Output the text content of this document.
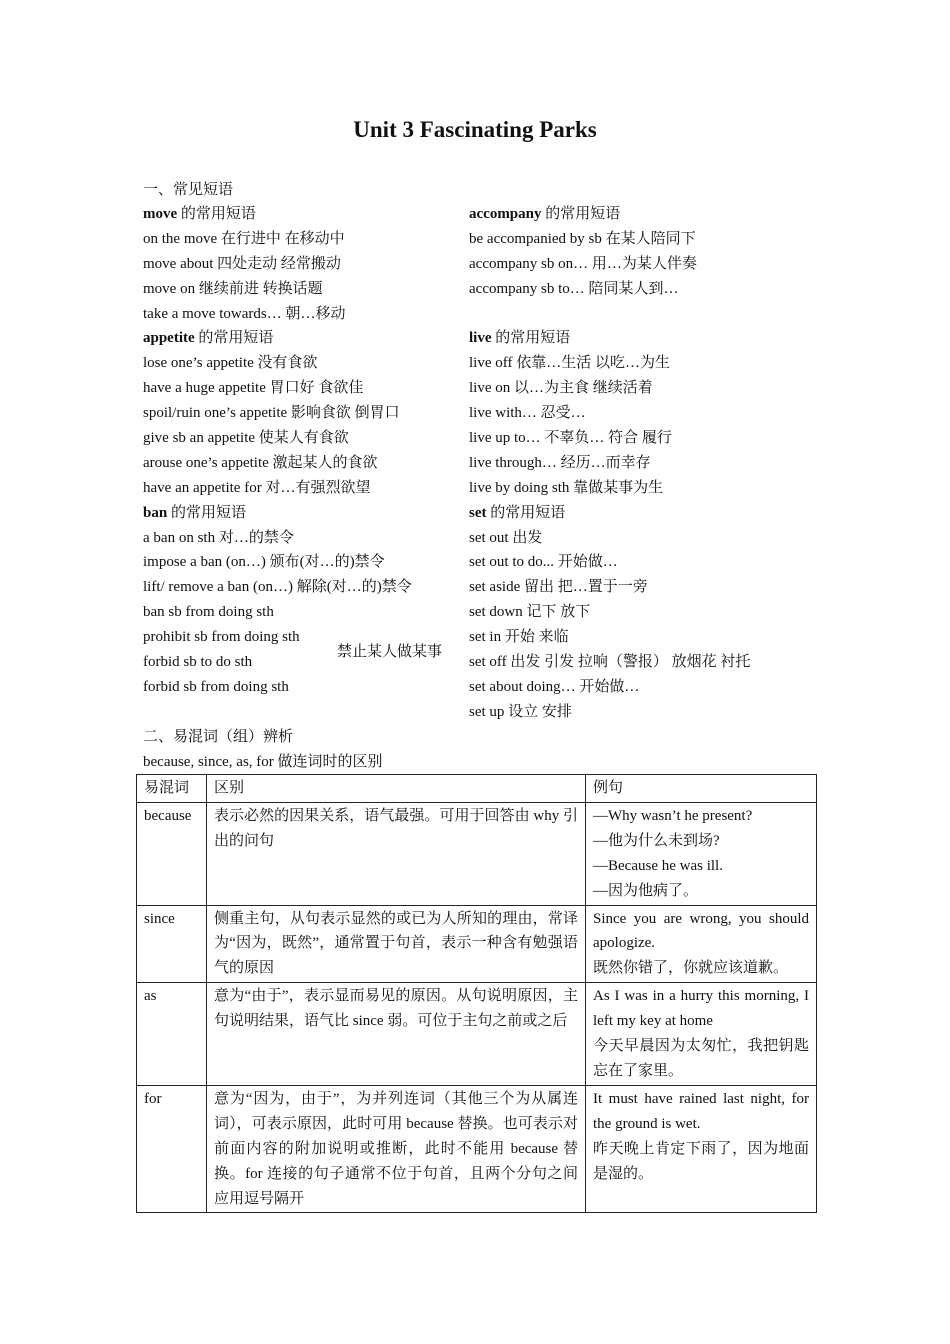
Unit 3 Fascinating Parks
一、常见短语
move 的常用短语
on the move 在行进中 在移动中
move about 四处走动 经常搬动
move on 继续前进 转换话题
take a move towards… 朝…移动
appetite 的常用短语
lose one’s appetite 没有食欲
have a huge appetite 胃口好 食欲佳
spoil/ruin one’s appetite 影响食欲 倒胃口
give sb an appetite 使某人有食欲
arouse one’s appetite 激起某人的食欲
have an appetite for 对…有强烈欲望
ban 的常用短语
a ban on sth 对…的禁令
impose a ban (on…) 颁布(对…的)禁令
lift/ remove a ban (on…) 解除(对…的)禁令
ban sb from doing sth
prohibit sb from doing sth
forbid sb to do sth
forbid sb from doing sth
accompany 的常用短语
be accompanied by sb 在某人陪同下
accompany sb on… 用…为某人伴奏
accompany sb to… 陪同某人到…
live 的常用短语
live off 依靠…生活 以吃…为生
live on 以…为主食 继续活着
live with… 忍受…
live up to… 不辜负… 符合 履行
live through… 经历…而幸存
live by doing sth 靠做某事为生
set 的常用短语
set out 出发
set out to do... 开始做…
set aside 留出 把…置于一旁
set down 记下 放下
set in 开始 来临
set off 出发 引发 拉响（警报） 放烟花 衬托
set about doing… 开始做…
set up 设立 安排
禁止某人做某事
二、易混词（组）辨析
because, since, as, for 做连词时的区别
易混词	区别	例句
because	表示必然的因果关系，语气最强。可用于回答由 why 引出的问句	—Why wasn’t he present?
—他为什么未到场?
—Because he was ill.
—因为他病了。

since	侧重主句，从句表示显然的或已为人所知的理由，常译为“因为，既然”，通常置于句首，表示一种含有勉强语气的原因	Since you are wrong, you should apologize.
既然你错了，你就应该道歉。

as	意为“由于”，表示显而易见的原因。从句说明原因，主句说明结果，语气比 since 弱。可位于主句之前或之后	As I was in a hurry this morning, I left my key at home
今天早晨因为太匆忙，我把钥匙忘在了家里。

for	意为“因为，由于”，为并列连词（其他三个为从属连词），可表示原因，此时可用 because 替换。也可表示对前面内容的附加说明或推断，此时不能用 because 替换。for 连接的句子通常不位于句首，且两个分句之间应用逗号隔开	It must have rained last night, for the ground is wet.
昨天晚上肯定下雨了，因为地面是湿的。
